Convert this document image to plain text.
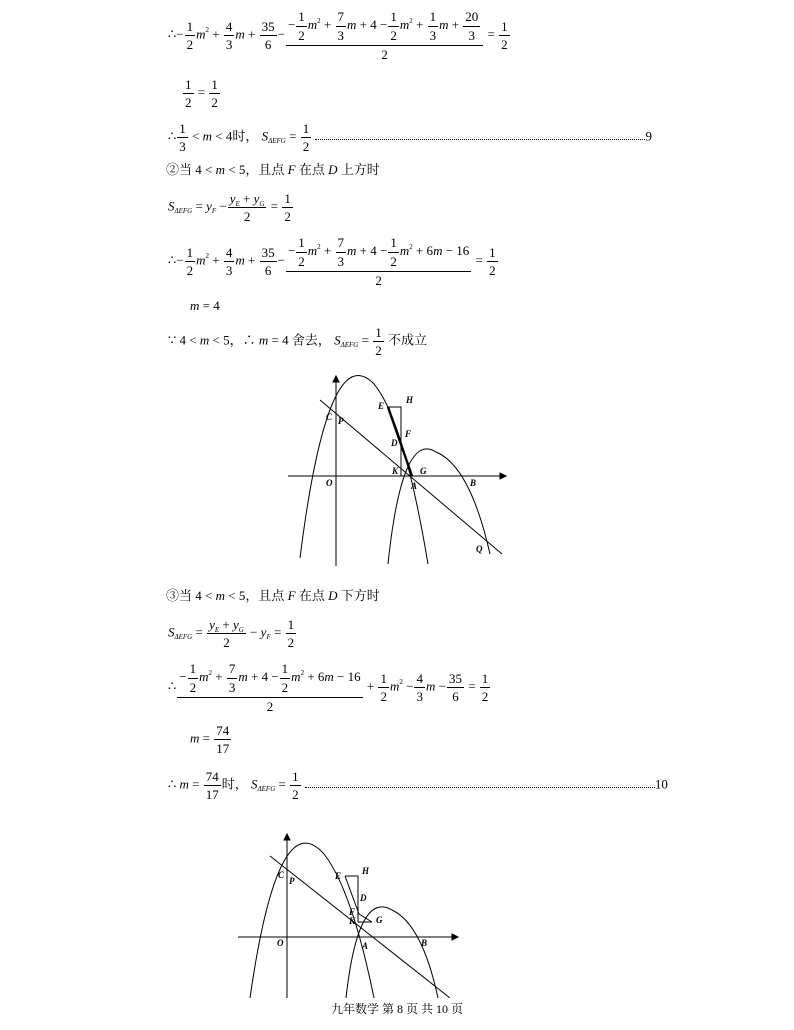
∴− $\frac{1}{2} m^2 + \frac{4}{3}$ $m + \frac{35}{6} - \frac{- \frac{1}{2} m^2 + \frac{7}{3} m + 4 - \frac{1}{2} m^2 + \frac{1}{3} m + \frac{20}{3}}{2} = \frac{1}{2}$
$\frac{1}{2} = \frac{1}{2}$
∴ $\frac{1}{3} < m < 4$时， $S_{\Delta EFG} = \frac{1}{2}$	9
②当 4 < m < 5，且点 F 在点 D 上方时
$S_{\Delta EFG} = y_F - \frac{y_E + y_G}{2} = \frac{1}{2}$
∴− $\frac{1}{2} m^2 + \frac{4}{3}$ $m + \frac{35}{6} - \frac{- \frac{1}{2} m^2 + \frac{7}{3} m + 4 - \frac{1}{2} m^2 + 6m - 16}{2} = \frac{1}{2}$
m = 4
∵ 4 < m < 5，∴ m = 4 舍去， $S_{\Delta EFG} = \frac{1}{2}$ 不成立
C P
E
H
F
D
K G
O	A	B
Q
③当 4 < m < 5，且点 F 在点 D 下方时
$S_{\Delta EFG} = \frac{y_E + y_G}{2} - y_F = \frac{1}{2}$
∴ $\frac{- \frac{1}{2} m^2 + \frac{7}{3} m + 4 - \frac{1}{2} m^2 + 6m - 16}{2} + \frac{1}{2} m^2 - \frac{4}{3}$ $m - \frac{35}{6} = \frac{1}{2}$
$m = \frac{74}{17}$
∴ $m = \frac{74}{17}$ 时， $S_{\Delta EFG} = \frac{1}{2}$	10
C
P	E H
D
F
K G
O	A	B
九年数学 第 8 页 共 10 页
